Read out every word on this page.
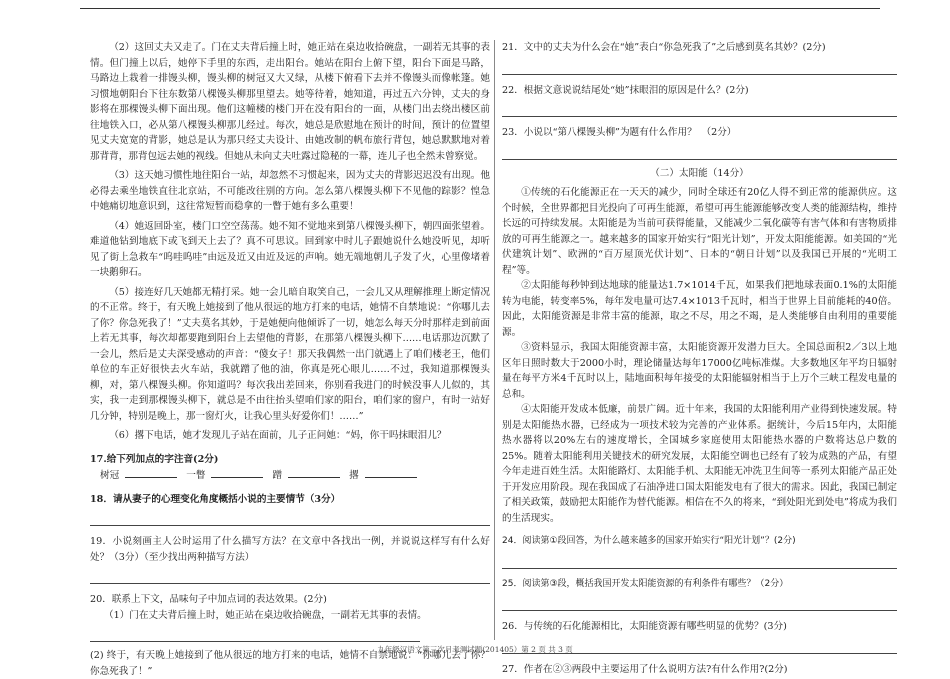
（2）这回丈夫又走了。门在丈夫背后撞上时，她正站在桌边收拾碗盘，一副若无其事的表情。但门撞上以后，她停下手里的东西，走出阳台。她站在阳台上俯下望，阳台下面是马路，马路边上栽着一排馒头柳，馒头柳的树冠又大又绿，从楼下俯看下去并不像馒头而像帐篷。她习惯地朝阳台下往东数第八棵馒头柳那里望去。她等待着，她知道，再过五六分钟，丈夫的身影将在那棵馒头柳下面出现。他们这幢楼的楼门开在没有阳台的一面，从楼门出去绕出楼区前往地铁入口，必从第八棵馒头柳那儿经过。每次，她总是欣慰地在预计的时间，预计的位置望见丈夫宽宽的背影，她总是认为那只经丈夫设计、由她改制的帆布旅行背包，她总默默地对着那背背，那背包远去她的视线。但她从未向丈夫吐露过隐秘的一幕，连儿子也全然未曾察觉。

（3）这天她习惯性地往阳台一站，却忽然不习惯起来，因为丈夫的背影迟迟没有出现。他必得去乘坐地铁直往北京站，不可能改往别的方向。怎么第八棵馒头柳下不见他的踪影？惶急中她痛切地意识到，这往常短暂而稳拿的一瞥于她有多么重要！

（4）她返回卧室，楼门口空空荡荡。她不知不觉地来到第八棵馒头柳下，朝四面张望着。难道他钻到地底下或飞到天上去了？真不可思议。回到家中时儿子跟她说什么她没听见，却听见了街上急救车“呜哇呜哇”由远及近又由近及远的声响。她无端地朝儿子发了火，心里像堵着一块鹅卵石。

（5）接连好几天她都无精打采。她一会儿暗自取笑自己，一会儿又从理解推理上断定情况的不正常。终于，有天晚上她接到了他从很远的地方打来的电话，她情不自禁地说：“你哪儿去了你？你急死我了！”丈夫莫名其妙，于是她便向他倾诉了一切，她怎么每天分时那样走到前面上若无其事，每次却都要跑到阳台上去望他的背影，在那第八棵馒头柳下……电话那边沉默了一会儿，然后是丈夫深受感动的声音：“傻女子！那天我偶然一出门就遇上了咱们楼老王，他们单位的车正好很快去火车站，我就蹭了他的油，你真是死心眼儿……不过，我知道那棵馒头柳，对，第八棵馒头柳。你知道吗？每次我出差回来，你别看我进门的时候没事人儿似的，其实，我一走到那棵馒头柳下，就总是不由往抬头望咱们家的阳台，咱们家的窗户，有时一站好几分钟，特别是晚上，那一窗灯火，让我心里头好爱你们！……”

（6）撂下电话，她才发现儿子站在面前，儿子正问她：“妈，你干吗抹眼泪儿？

17.给下列加点的字注音(2分)

树冠	一瞥	蹭	撂

18．请从妻子的心理变化角度概括小说的主要情节（3分）

19．小说刻画主人公时运用了什么描写方法？在文章中各找出一例，并说说这样写有什么好处？（3分）（至少找出两种描写方法）

20．联系上下文，品味句子中加点词的表达效果。(2分)

（1）门在丈夫背后撞上时，她正站在桌边收拾碗盘，一副若无其事的表情。

(2) 终于，有天晚上她接到了他从很远的地方打来的电话，她情不自禁地说：“你哪儿去了你？你急死我了！”

21．文中的丈夫为什么会在“她”表白“你急死我了”之后感到莫名其妙？(2分)

22．根据文意说说结尾处“她”抹眼泪的原因是什么？(2分)

23．小说以“第八棵馒头柳”为题有什么作用？　（2分）

（二）太阳能（14分）

①传统的石化能源正在一天天的减少，同时全球还有20亿人得不到正常的能源供应。这个时候，全世界都把目光投向了可再生能源，希望可再生能源能够改变人类的能源结构，维持长远的可持续发展。太阳能是为当前可获得能量，又能减少二氧化碳等有害气体和有害物质排放的可再生能源之一。越来越多的国家开始实行“阳光计划”，开发太阳能能源。如美国的“光伏建筑计划”、欧洲的“百万屋顶光伏计划”、日本的“朝日计划”以及我国已开展的“光明工程”等。

②太阳能每秒钟到达地球的能量达1.7×1014千瓦，如果我们把地球表面0.1%的太阳能转为电能，转变率5%，每年发电量可达7.4×1013千瓦时，相当于世界上目前能耗的40倍。因此，太阳能资源是非常丰富的能源，取之不尽，用之不竭，是人类能够自由利用的重要能源。

③资料显示，我国太阳能资源丰富，太阳能资源开发潜力巨大。全国总面积2／3以上地区年日照时数大于2000小时，理论储量达每年17000亿吨标准煤。大多数地区年平均日辐射量在每平方米4千瓦时以上，陆地面积每年接受的太阳能辐射相当于上万个三峡工程发电量的总和。

④太阳能开发成本低廉，前景广阔。近十年来，我国的太阳能利用产业得到快速发展。特别是太阳能热水器，已经成为一项技术较为完善的产业体系。据统计，今后15年内，太阳能热水器将以20%左右的速度增长，全国城乡家庭使用太阳能热水器的户数将达总户数的25%。随着太阳能利用关键技术的研究发展，太阳能空调也已经有了较为成熟的产品，有望今年走进百姓生活。太阳能路灯、太阳能手机、太阳能无冲洗卫生间等一系列太阳能产品正处于开发应用阶段。现在我国成了石油净进口国太阳能发电有了很大的需求。因此，我国已制定了相关政策，鼓励把太阳能作为替代能源。相信在不久的将来，“到处阳光到处电”将成为我们的生活现实。

24．阅读第①段回答，为什么越来越多的国家开始实行“阳光计划”？(2分)

25．阅读第③段，概括我国开发太阳能资源的有利条件有哪些？（2分）

26．与传统的石化能源相比，太阳能资源有哪些明显的优势？(3分)

27．作者在②③两段中主要运用了什么说明方法?有什么作用?(2分)

九年级汉语文第三次月考测试题(201405）第 2 页 共 3 页
